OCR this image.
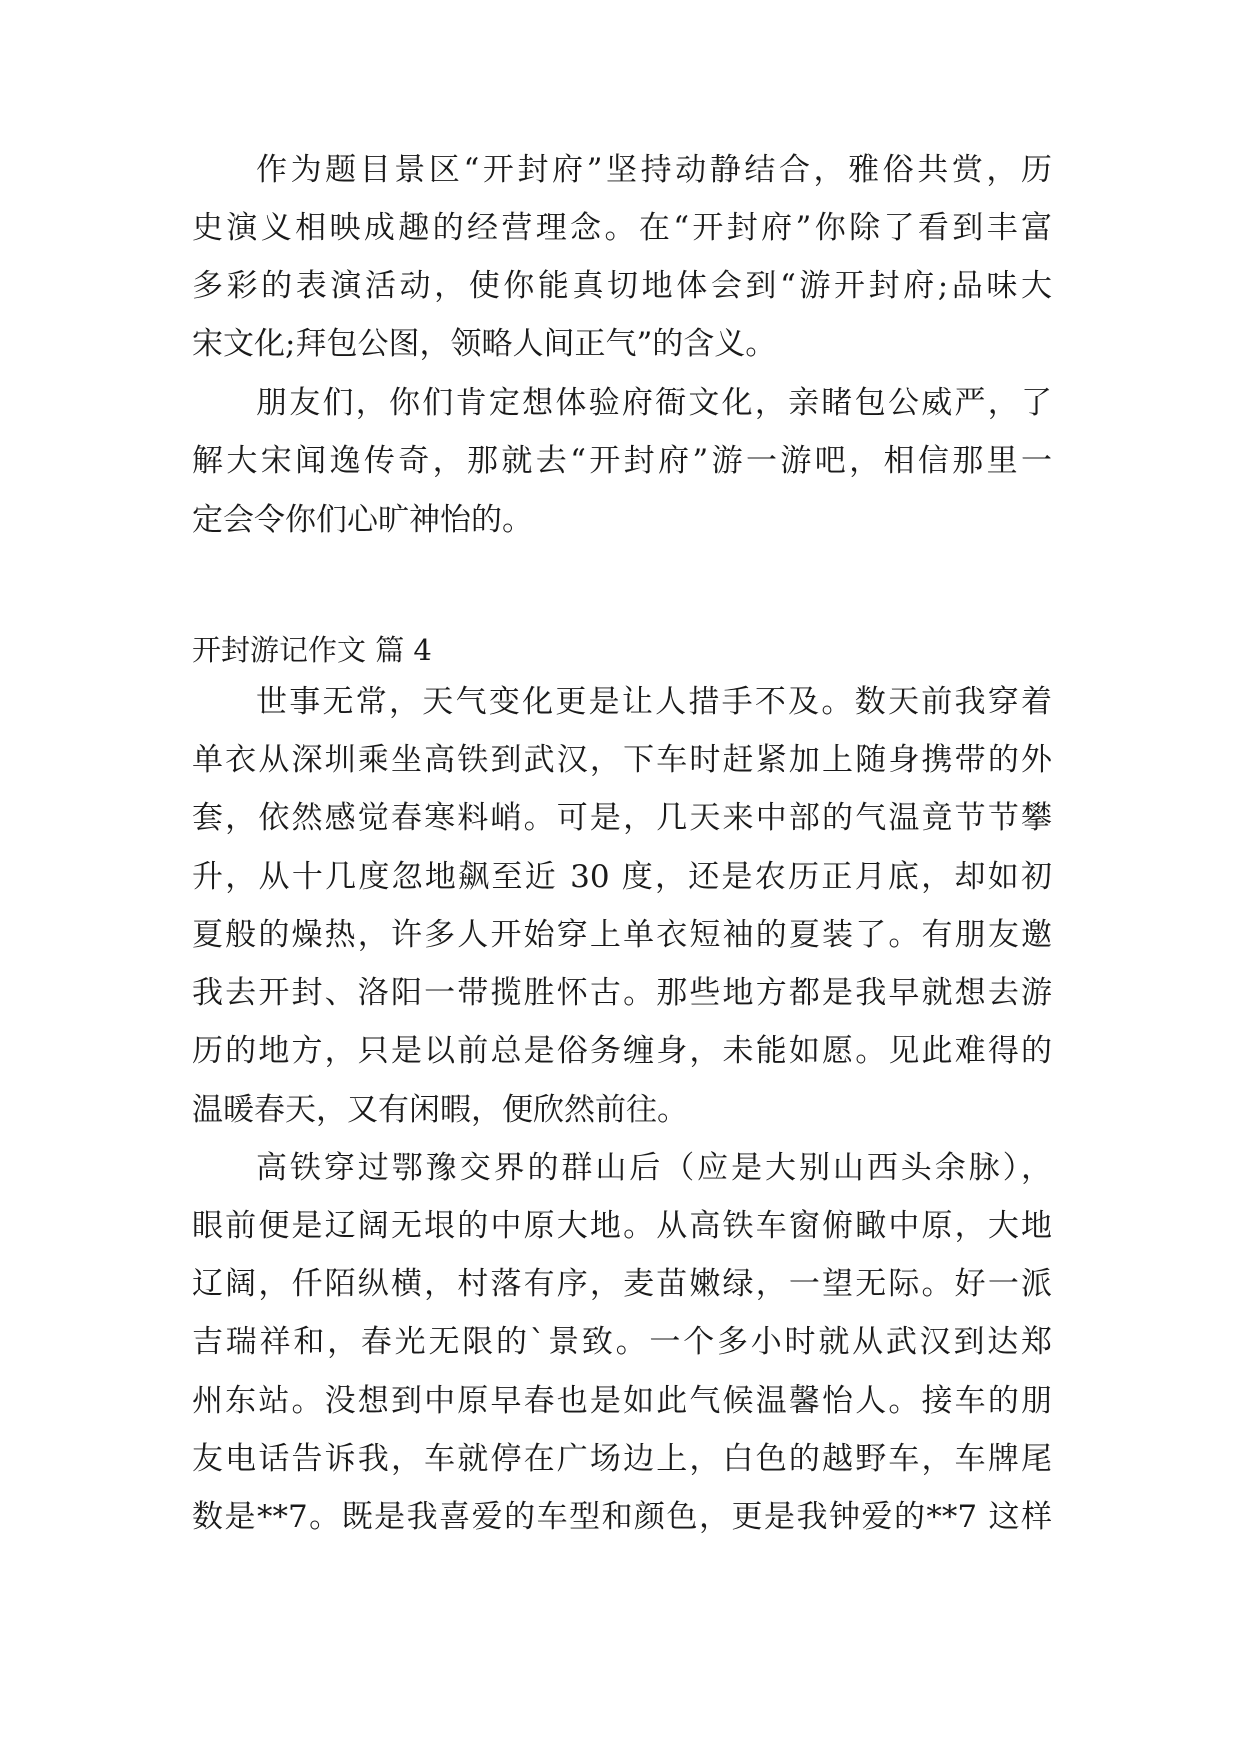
作为题目景区“开封府”坚持动静结合，雅俗共赏，历
史演义相映成趣的经营理念。在“开封府”你除了看到丰富
多彩的表演活动，使你能真切地体会到“游开封府;品味大
宋文化;拜包公图，领略人间正气”的含义。
朋友们，你们肯定想体验府衙文化，亲睹包公威严，了
解大宋闻逸传奇，那就去“开封府”游一游吧，相信那里一
定会令你们心旷神怡的。
开封游记作文 篇 4
世事无常，天气变化更是让人措手不及。数天前我穿着
单衣从深圳乘坐高铁到武汉，下车时赶紧加上随身携带的外
套，依然感觉春寒料峭。可是，几天来中部的气温竟节节攀
升，从十几度忽地飙至近 30 度，还是农历正月底，却如初
夏般的燥热，许多人开始穿上单衣短袖的夏装了。有朋友邀
我去开封、洛阳一带揽胜怀古。那些地方都是我早就想去游
历的地方，只是以前总是俗务缠身，未能如愿。见此难得的
温暖春天，又有闲暇，便欣然前往。
高铁穿过鄂豫交界的群山后（应是大别山西头余脉），
眼前便是辽阔无垠的中原大地。从高铁车窗俯瞰中原，大地
辽阔，仟陌纵横，村落有序，麦苗嫩绿，一望无际。好一派
吉瑞祥和，春光无限的`景致。一个多小时就从武汉到达郑
州东站。没想到中原早春也是如此气候温馨怡人。接车的朋
友电话告诉我，车就停在广场边上，白色的越野车，车牌尾
数是**7。既是我喜爱的车型和颜色，更是我钟爱的**7 这样
